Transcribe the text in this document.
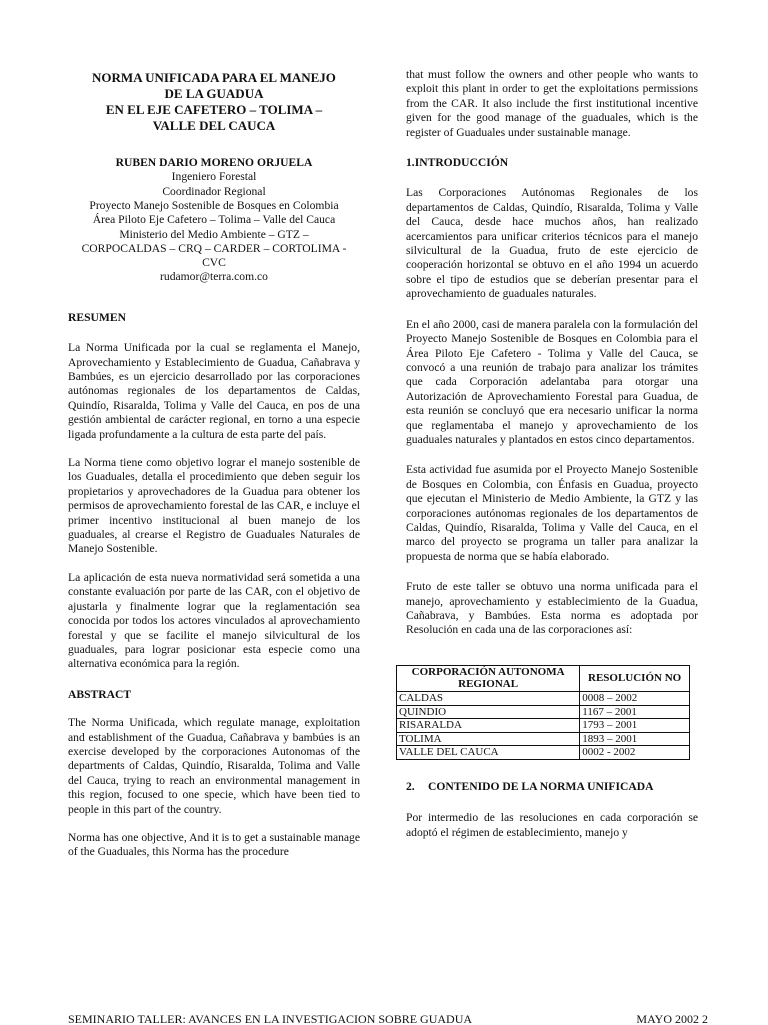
NORMA UNIFICADA PARA EL MANEJO
DE LA GUADUA
EN EL EJE CAFETERO – TOLIMA –
VALLE DEL CAUCA
RUBEN DARIO MORENO ORJUELA
Ingeniero Forestal
Coordinador Regional
Proyecto Manejo Sostenible de Bosques en Colombia
Área Piloto Eje Cafetero – Tolima – Valle del Cauca
Ministerio del Medio Ambiente – GTZ –
CORPOCALDAS – CRQ – CARDER – CORTOLIMA -
CVC
rudamor@terra.com.co
RESUMEN

La Norma Unificada por la cual se reglamenta el Manejo, Aprovechamiento y Establecimiento de Guadua, Cañabrava y Bambúes, es un ejercicio desarrollado por las corporaciones autónomas regionales de los departamentos de Caldas, Quindío, Risaralda, Tolima y Valle del Cauca, en pos de una gestión ambiental de carácter regional, en torno a una especie ligada profundamente a la cultura de esta parte del país.

La Norma tiene como objetivo lograr el manejo sostenible de los Guaduales, detalla el procedimiento que deben seguir los propietarios y aprovechadores de la Guadua para obtener los permisos de aprovechamiento forestal de las CAR, e incluye el primer incentivo institucional al buen manejo de los guaduales, al crearse el Registro de Guaduales Naturales de Manejo Sostenible.

La aplicación de esta nueva normatividad será sometida a una constante evaluación por parte de las CAR, con el objetivo de ajustarla y finalmente lograr que la reglamentación sea conocida por todos los actores vinculados al aprovechamiento forestal y que se facilite el manejo silvicultural de los guaduales, para lograr posicionar esta especie como una alternativa económica para la región.

ABSTRACT

The Norma Unificada, which regulate manage, exploitation and establishment of the Guadua, Cañabrava y bambúes is an exercise developed by the corporaciones Autonomas of the departments of Caldas, Quindío, Risaralda, Tolima and Valle del Cauca, trying to reach an environmental management in this region, focused to one specie, which have been tied to people in this part of the country.

Norma has one objective, And it is to get a sustainable manage of the Guaduales, this Norma has the procedure

that must follow the owners and other people who wants to exploit this plant in order to get the exploitations permissions from the CAR. It also include the first institutional incentive given for the good manage of the guaduales, which is the register of Guaduales under sustainable manage.

1.INTRODUCCIÓN

Las Corporaciones Autónomas Regionales de los departamentos de Caldas, Quindío, Risaralda, Tolima y Valle del Cauca, desde hace muchos años, han realizado acercamientos para unificar criterios técnicos para el manejo silvicultural de la Guadua, fruto de este ejercicio de cooperación horizontal se obtuvo en el año 1994 un acuerdo sobre el tipo de estudios que se deberían presentar para el aprovechamiento de guaduales naturales.

En el año 2000, casi de manera paralela con la formulación del Proyecto Manejo Sostenible de Bosques en Colombia para el Área Piloto Eje Cafetero - Tolima y Valle del Cauca, se convocó a una reunión de trabajo para analizar los trámites que cada Corporación adelantaba para otorgar una Autorización de Aprovechamiento Forestal para Guadua, de esta reunión se concluyó que era necesario unificar la norma que reglamentaba el manejo y aprovechamiento de los guaduales naturales y plantados en estos cinco departamentos.

Esta actividad fue asumida por el Proyecto Manejo Sostenible de Bosques en Colombia, con Énfasis en Guadua, proyecto que ejecutan el Ministerio de Medio Ambiente, la GTZ y las corporaciones autónomas regionales de los departamentos de Caldas, Quindío, Risaralda, Tolima y Valle del Cauca, en el marco del proyecto se programa un taller para analizar la propuesta de norma que se había elaborado.

Fruto de este taller se obtuvo una norma unificada para el manejo, aprovechamiento y establecimiento de la Guadua, Cañabrava, y Bambúes. Esta norma es adoptada por Resolución en cada una de las corporaciones así:

CORPORACIÓN AUTONOMA REGIONAL	RESOLUCIÓN NO
CALDAS	0008 – 2002
QUINDIO	1167 – 2001
RISARALDA	1793 – 2001
TOLIMA	1893 – 2001
VALLE DEL CAUCA	0002 - 2002
2. CONTENIDO DE LA NORMA UNIFICADA

Por intermedio de las resoluciones en cada corporación se adoptó el régimen de establecimiento, manejo y

SEMINARIO TALLER: AVANCES EN LA INVESTIGACION SOBRE GUADUA	MAYO 2002 2
